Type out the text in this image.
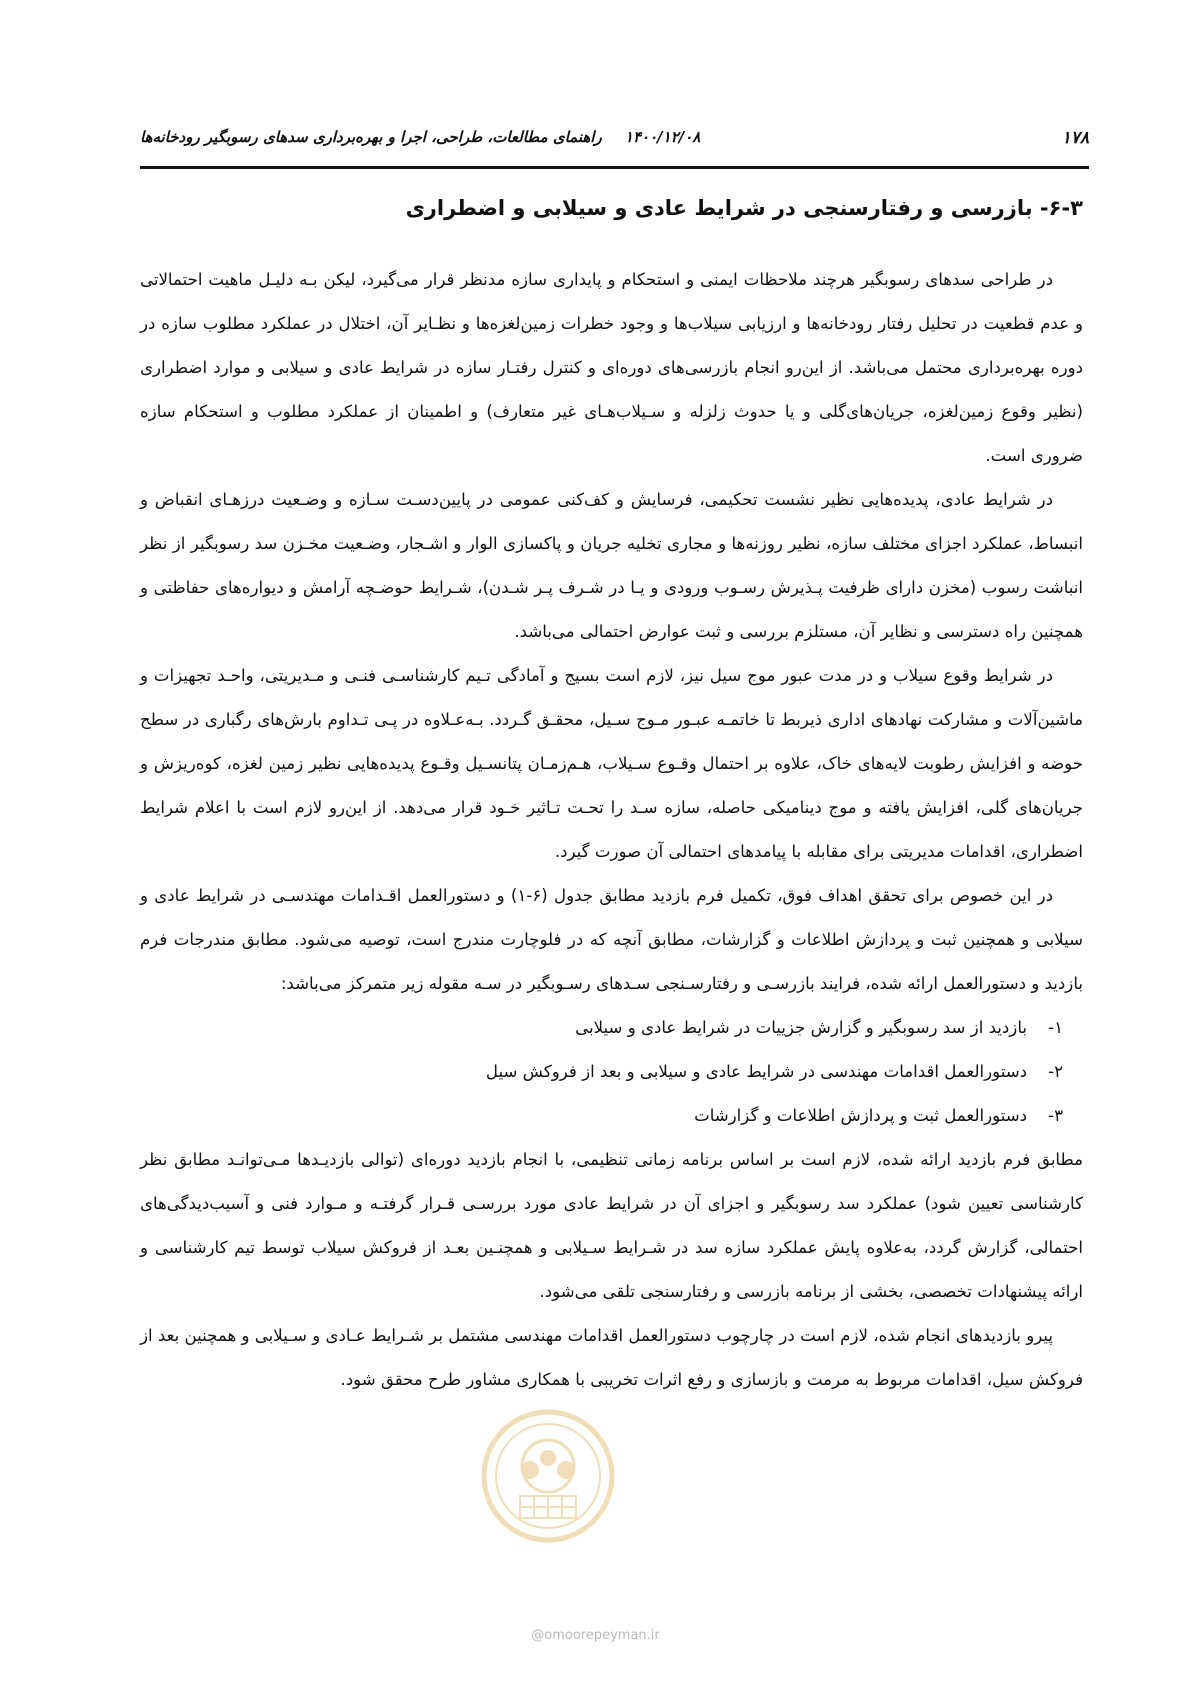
۱۷۸
۱۴۰۰/۱۲/۰۸ راهنمای مطالعات، طراحی، اجرا و بهره‌برداری سدهای رسوبگیر رودخانه‌ها
۶-۳- بازرسی و رفتارسنجی در شرایط عادی و سیلابی و اضطراری

در طراحی سدهای رسوبگیر هرچند ملاحظات ایمنی و استحکام و پایداری سازه مدنظر قرار می‌گیرد، لیکن بـه دلیـل ماهیت احتمالاتی و عدم قطعیت در تحلیل رفتار رودخانه‌ها و ارزیابی سیلاب‌ها و وجود خطرات زمین‌لغزه‌ها و نظـایر آن، اختلال در عملکرد مطلوب سازه در دوره بهره‌برداری محتمل می‌باشد. از این‌رو انجام بازرسی‌های دوره‌ای و کنترل رفتـار سازه در شرایط عادی و سیلابی و موارد اضطراری (نظیر وقوع زمین‌لغزه، جریان‌های‌گلی و یا حدوث زلزله و سـیلاب‌هـای غیر متعارف) و اطمینان از عملکرد مطلوب و استحکام سازه ضروری است.

در شرایط عادی، پدیده‌هایی نظیر نشست تحکیمی، فرسایش و کف‌کنی عمومی در پایین‌دسـت سـازه و وضـعیت درزهـای انقباض و انبساط، عملکرد اجزای مختلف سازه، نظیر روزنه‌ها و مجاری تخلیه جریان و پاکسازی الوار و اشـجار، وضـعیت مخـزن سد رسوبگیر از نظر انباشت رسوب (مخزن دارای ظرفیت پـذیرش رسـوب ورودی و یـا در شـرف پـر شـدن)، شـرایط حوضـچه آرامش و دیواره‌های حفاظتی و همچنین راه دسترسی و نظایر آن، مستلزم بررسی و ثبت عوارض احتمالی می‌باشد.

در شرایط وقوع سیلاب و در مدت عبور موج سیل نیز، لازم است بسیج و آمادگی تـیم کارشناسـی فنـی و مـدیریتی، واحـد تجهیزات و ماشین‌آلات و مشارکت نهادهای اداری ذیربط تا خاتمـه عبـور مـوج سـیل، محقـق گـردد. بـه‌عـلاوه در پـی تـداوم بارش‌های رگباری در سطح حوضه و افزایش رطوبت لایه‌های خاک، علاوه بر احتمال وقـوع سـیلاب، هـم‌زمـان پتانسـیل وقـوع پدیده‌هایی نظیر زمین لغزه، کوه‌ریزش و جریان‌های گلی، افزایش یافته و موج دینامیکی حاصله، سازه سـد را تحـت تـاثیر خـود قرار می‌دهد. از این‌رو لازم است با اعلام شرایط اضطراری، اقدامات مدیریتی برای مقابله با پیامدهای احتمالی آن صورت گیرد.

در این خصوص برای تحقق اهداف فوق، تکمیل فرم بازدید مطابق جدول (۶-۱) و دستورالعمل اقـدامات مهندسـی در شرایط عادی و سیلابی و همچنین ثبت و پردازش اطلاعات و گزارشات، مطابق آنچه که در فلوچارت مندرج است، توصیه می‌شود. مطابق مندرجات فرم بازدید و دستورالعمل ارائه شده، فرایند بازرسـی و رفتارسـنجی سـدهای رسـوبگیر در سـه مقوله زیر متمرکز می‌باشد:

۱-
بازدید از سد رسوبگیر و گزارش جزییات در شرایط عادی و سیلابی
۲-
دستورالعمل اقدامات مهندسی در شرایط عادی و سیلابی و بعد از فروکش سیل
۳-
دستورالعمل ثبت و پردازش اطلاعات و گزارشات

مطابق فرم بازدید ارائه شده، لازم است بر اساس برنامه زمانی تنظیمی، با انجام بازدید دوره‌ای (توالی بازدیـدها مـی‌توانـد مطابق نظر کارشناسی تعیین شود) عملکرد سد رسوبگیر و اجزای آن در شرایط عادی مورد بررسـی قـرار گرفتـه و مـوارد فنی و آسیب‌دیدگی‌های احتمالی، گزارش گردد، به‌علاوه پایش عملکرد سازه سد در شـرایط سـیلابی و همچنـین بعـد از فروکش سیلاب توسط تیم کارشناسی و ارائه پیشنهادات تخصصی، بخشی از برنامه بازرسی و رفتارسنجی تلقی می‌شود.

پیرو بازدیدهای انجام شده، لازم است در چارچوب دستورالعمل اقدامات مهندسی مشتمل بر شـرایط عـادی و سـیلابی و همچنین بعد از فروکش سیل، اقدامات مربوط به مرمت و بازسازی و رفع اثرات تخریبی با همکاری مشاور طرح محقق شود.

@omoorepeyman.ir
